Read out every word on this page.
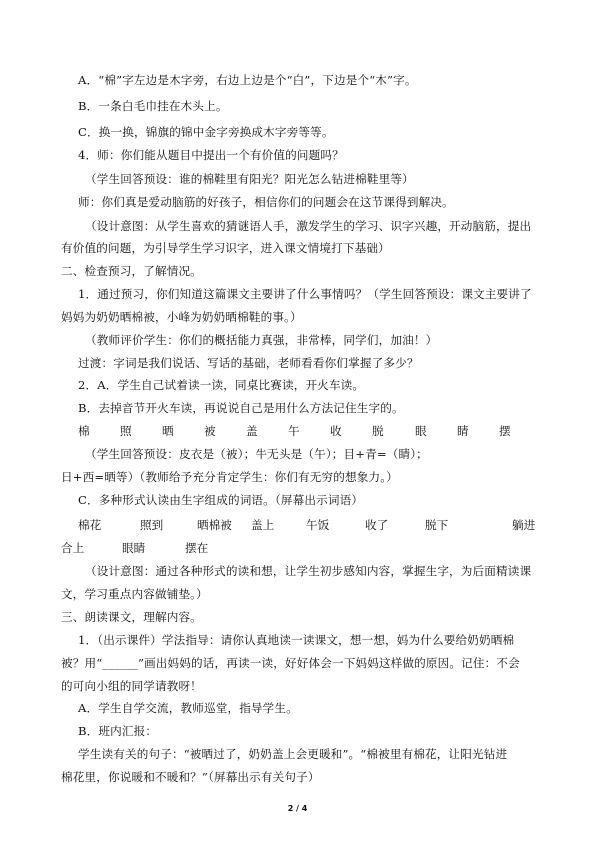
A．“棉”字左边是木字旁，右边上边是个“白”，下边是个“木”字。
B．一条白毛巾挂在木头上。
C．换一换，锦旗的锦中金字旁换成木字旁等等。
4．师：你们能从题目中提出一个有价值的问题吗？
（学生回答预设：谁的棉鞋里有阳光？阳光怎么钻进棉鞋里等）
师：你们真是爱动脑筋的好孩子，相信你们的问题会在这节课得到解决。
（设计意图：从学生喜欢的猜谜语人手，激发学生的学习、识字兴趣，开动脑筋，提出
有价值的问题，为引导学生学习识字，进入课文情境打下基础）
二、检查预习，了解情况。
1．通过预习，你们知道这篇课文主要讲了什么事情吗？（学生回答预设：课文主要讲了
妈妈为奶奶晒棉被，小峰为奶奶晒棉鞋的事。）
（教师评价学生：你们的概括能力真强，非常棒，同学们，加油！）
过渡：字词是我们说话、写话的基础，老师看看你们掌握了多少？
2．A．学生自己试着读一读，同桌比赛读，开火车读。
B．去掉音节开火车读，再说说自己是用什么方法记住生字的。
棉	照	晒	被	盖	午	收	脱	眼	睛	摆
（学生回答预设：皮衣是（被）；牛无头是（午）；目+青=（睛）；
日+西=晒等）（教师给予充分肯定学生：你们有无穷的想象力。）
C．多种形式认读由生字组成的词语。（屏幕出示词语）
棉花	照到	晒棉被 盖上	午饭	收了	脱下	躺进
合上	眼睛	摆在
（设计意图：通过各种形式的读和想，让学生初步感知内容，掌握生字，为后面精读课
文，学习重点内容做铺垫。）
三、朗读课文，理解内容。
1．（出示课件）学法指导：请你认真地读一读课文，想一想，妈为什么要给奶奶晒棉
被？用“______”画出妈妈的话，再读一读，好好体会一下妈妈这样做的原因。记住：不会
的可向小组的同学请教呀！
A．学生自学交流，教师巡堂，指导学生。
B．班内汇报：
学生读有关的句子：“被晒过了，奶奶盖上会更暖和”。“棉被里有棉花，让阳光钻进
棉花里，你说暖和不暖和？”（屏幕出示有关句子）
2 / 4
